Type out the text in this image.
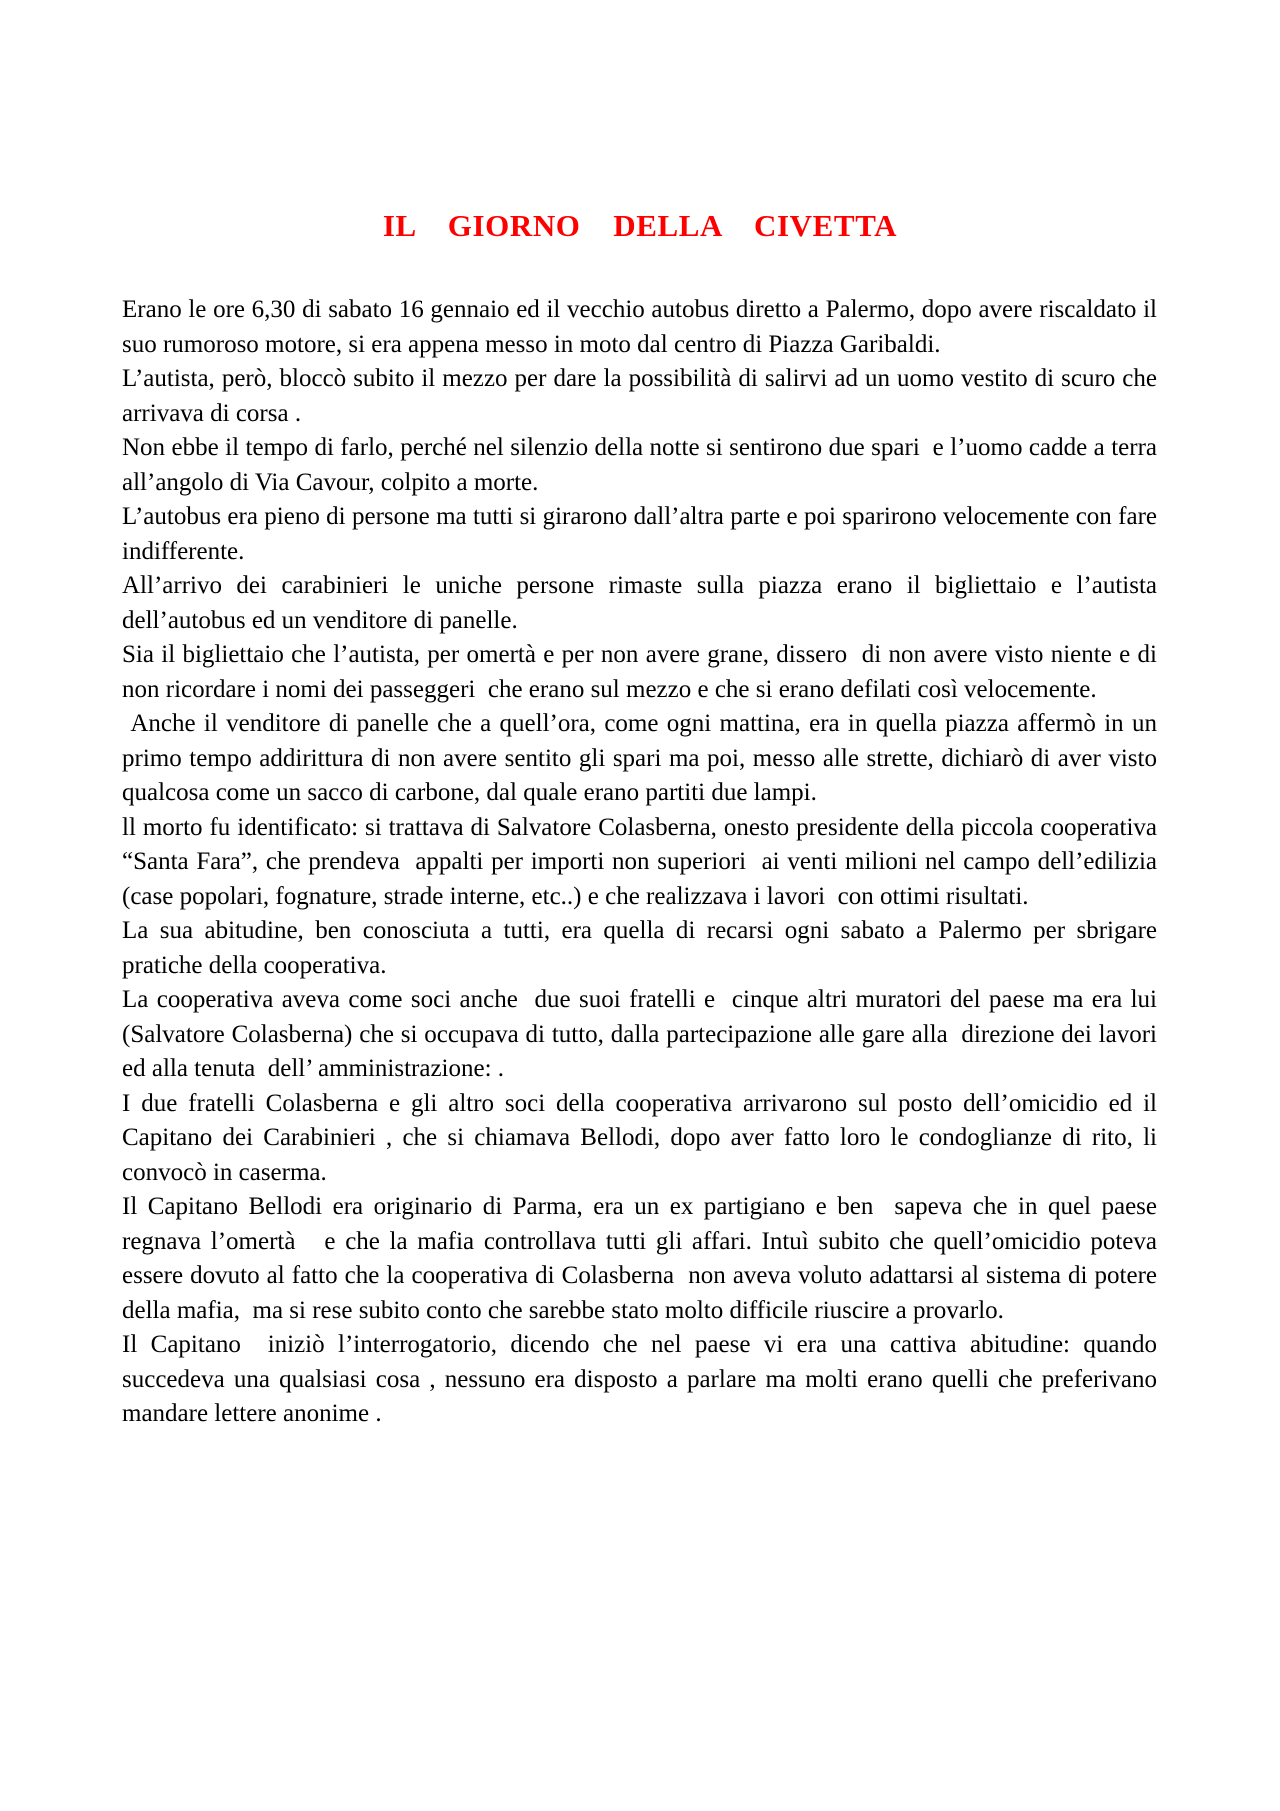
IL  GIORNO  DELLA  CIVETTA

Erano le ore 6,30 di sabato 16 gennaio ed il vecchio autobus diretto a Palermo, dopo avere riscaldato il suo rumoroso motore, si era appena messo in moto dal centro di Piazza Garibaldi.

L’autista, però, bloccò subito il mezzo per dare la possibilità di salirvi ad un uomo vestito di scuro che arrivava di corsa .

Non ebbe il tempo di farlo, perché nel silenzio della notte si sentirono due spari  e l’uomo cadde a terra  all’angolo di Via Cavour, colpito a morte.

L’autobus era pieno di persone ma tutti si girarono dall’altra parte e poi sparirono velocemente con fare indifferente.

All’arrivo dei carabinieri le uniche persone rimaste sulla piazza erano il bigliettaio e l’autista dell’autobus ed un venditore di panelle.

Sia il bigliettaio che l’autista, per omertà e per non avere grane, dissero  di non avere visto niente e di non ricordare i nomi dei passeggeri  che erano sul mezzo e che si erano defilati così velocemente.

Anche il venditore di panelle che a quell’ora, come ogni mattina, era in quella piazza affermò in un primo tempo addirittura di non avere sentito gli spari ma poi, messo alle strette, dichiarò di aver visto qualcosa come un sacco di carbone, dal quale erano partiti due lampi.

ll morto fu identificato: si trattava di Salvatore Colasberna, onesto presidente della piccola cooperativa “Santa Fara”, che prendeva  appalti per importi non superiori  ai venti milioni nel campo dell’edilizia (case popolari, fognature, strade interne, etc..) e che realizzava i lavori  con ottimi risultati.

La sua abitudine, ben conosciuta a tutti, era quella di recarsi ogni sabato a Palermo per sbrigare pratiche della cooperativa.

La cooperativa aveva come soci anche  due suoi fratelli e  cinque altri muratori del paese ma era lui (Salvatore Colasberna) che si occupava di tutto, dalla partecipazione alle gare alla  direzione dei lavori ed alla tenuta  dell’ amministrazione: .

I due fratelli Colasberna e gli altro soci della cooperativa arrivarono sul posto dell’omicidio ed il Capitano dei Carabinieri , che si chiamava Bellodi, dopo aver fatto loro le condoglianze di rito, li convocò in caserma.

Il Capitano Bellodi era originario di Parma, era un ex partigiano e ben  sapeva che in quel paese regnava l’omertà   e che la mafia controllava tutti gli affari. Intuì subito che quell’omicidio poteva essere dovuto al fatto che la cooperativa di Colasberna  non aveva voluto adattarsi al sistema di potere della mafia,  ma si rese subito conto che sarebbe stato molto difficile riuscire a provarlo.

Il Capitano  iniziò l’interrogatorio, dicendo che nel paese vi era una cattiva abitudine: quando succedeva una qualsiasi cosa , nessuno era disposto a parlare ma molti erano quelli che preferivano mandare lettere anonime .
